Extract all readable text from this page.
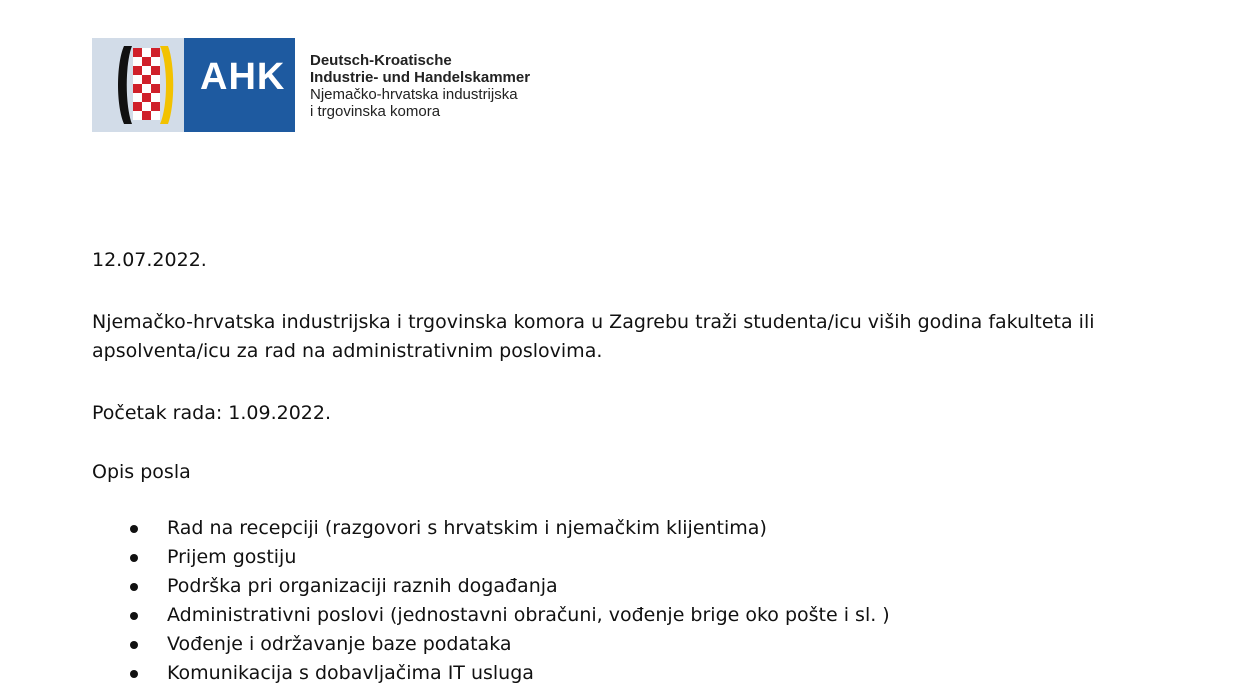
AHK Deutsch-Kroatische
Industrie- und Handelskammer
Njemačko-hrvatska industrijska
i trgovinska komora
12.07.2022.
Njemačko-hrvatska industrijska i trgovinska komora u Zagrebu traži studenta/icu viših godina fakulteta ili apsolventa/icu za rad na administrativnim poslovima.
Početak rada: 1.09.2022.
Opis posla
Rad na recepciji (razgovori s hrvatskim i njemačkim klijentima)
Prijem gostiju
Podrška pri organizaciji raznih događanja
Administrativni poslovi (jednostavni obračuni, vođenje brige oko pošte i sl. )
Vođenje i održavanje baze podataka
Komunikacija s dobavljačima IT usluga
